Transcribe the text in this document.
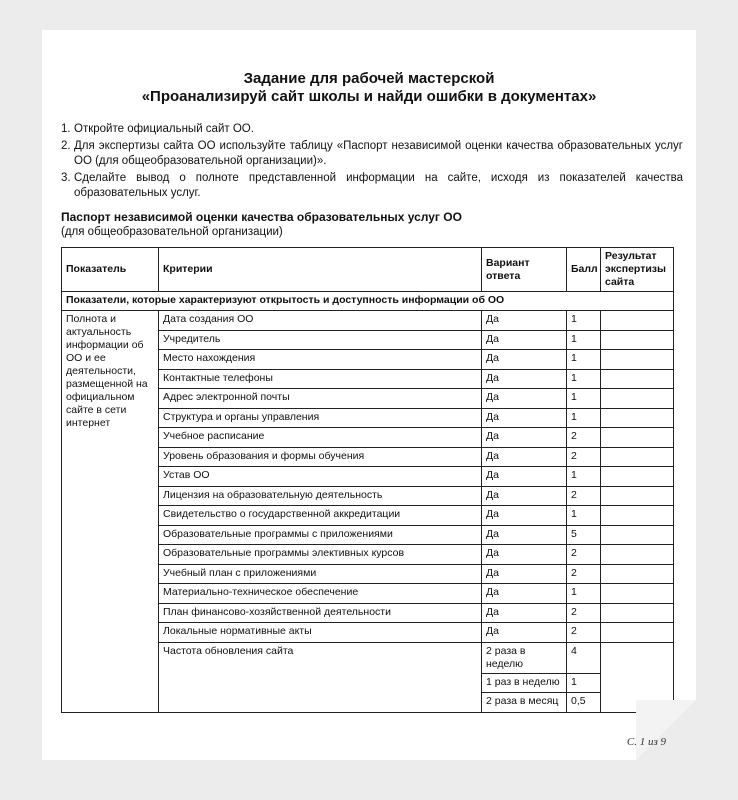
Задание для рабочей мастерской
«Проанализируй сайт школы и найди ошибки в документах»
1. Откройте официальный сайт ОО.
2. Для экспертизы сайта ОО используйте таблицу «Паспорт независимой оценки качества образовательных услуг ОО (для общеобразовательной организации)».
3. Сделайте вывод о полноте представленной информации на сайте, исходя из показателей качества образовательных услуг.
Паспорт независимой оценки качества образовательных услуг ОО
(для общеобразовательной организации)
Показатель	Критерии	Вариант ответа	Балл	Результат экспертизы сайта
Показатели, которые характеризуют открытость и доступность информации об ОО				
Полнота и актуальность информации об ОО и ее деятельности, размещенной на официальном сайте в сети интернет	Дата создания ОО	Да	1	
	Учредитель	Да	1	
	Место нахождения	Да	1	
	Контактные телефоны	Да	1	
	Адрес электронной почты	Да	1	
	Структура и органы управления	Да	1	
	Учебное расписание	Да	2	
	Уровень образования и формы обучения	Да	2	
	Устав ОО	Да	1	
	Лицензия на образовательную деятельность	Да	2	
	Свидетельство о государственной аккредитации	Да	1	
	Образовательные программы с приложениями	Да	5	
	Образовательные программы элективных курсов	Да	2	
	Учебный план с приложениями	Да	2	
	Материально-техническое обеспечение	Да	1	
	План финансово-хозяйственной деятельности	Да	2	
	Локальные нормативные акты	Да	2	
	Частота обновления сайта	2 раза в неделю	4	
		1 раз в неделю	1	
		2 раза в месяц	0,5	
С. 1 из 9
